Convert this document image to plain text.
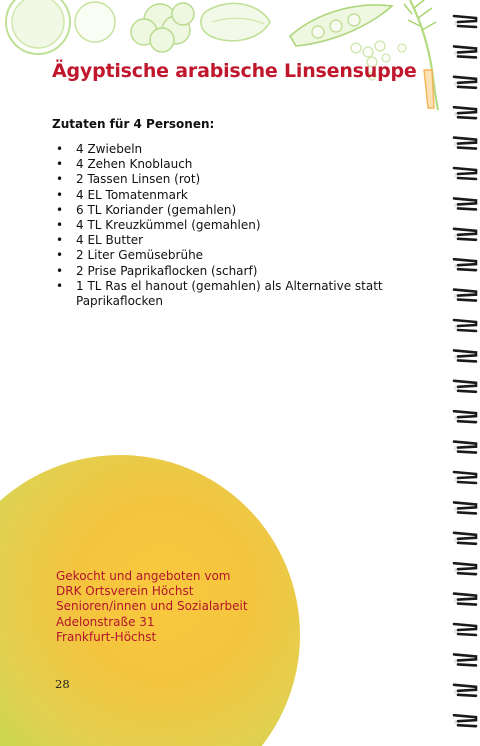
Ägyptische arabische Linsensuppe

Zutaten für 4 Personen:

• 4 Zwiebeln
• 4 Zehen Knoblauch
• 2 Tassen Linsen (rot)
• 4 EL Tomatenmark
• 6 TL Koriander (gemahlen)
• 4 TL Kreuzkümmel (gemahlen)
• 4 EL Butter
• 2 Liter Gemüsebrühe
• 2 Prise Paprikaflocken (scharf)
• 1 TL Ras el hanout (gemahlen) als Alternative statt Paprikaflocken
Gekocht und angeboten vom
DRK Ortsverein Höchst
Senioren/innen und Sozialarbeit
Adelonstraße 31
Frankfurt-Höchst
28
